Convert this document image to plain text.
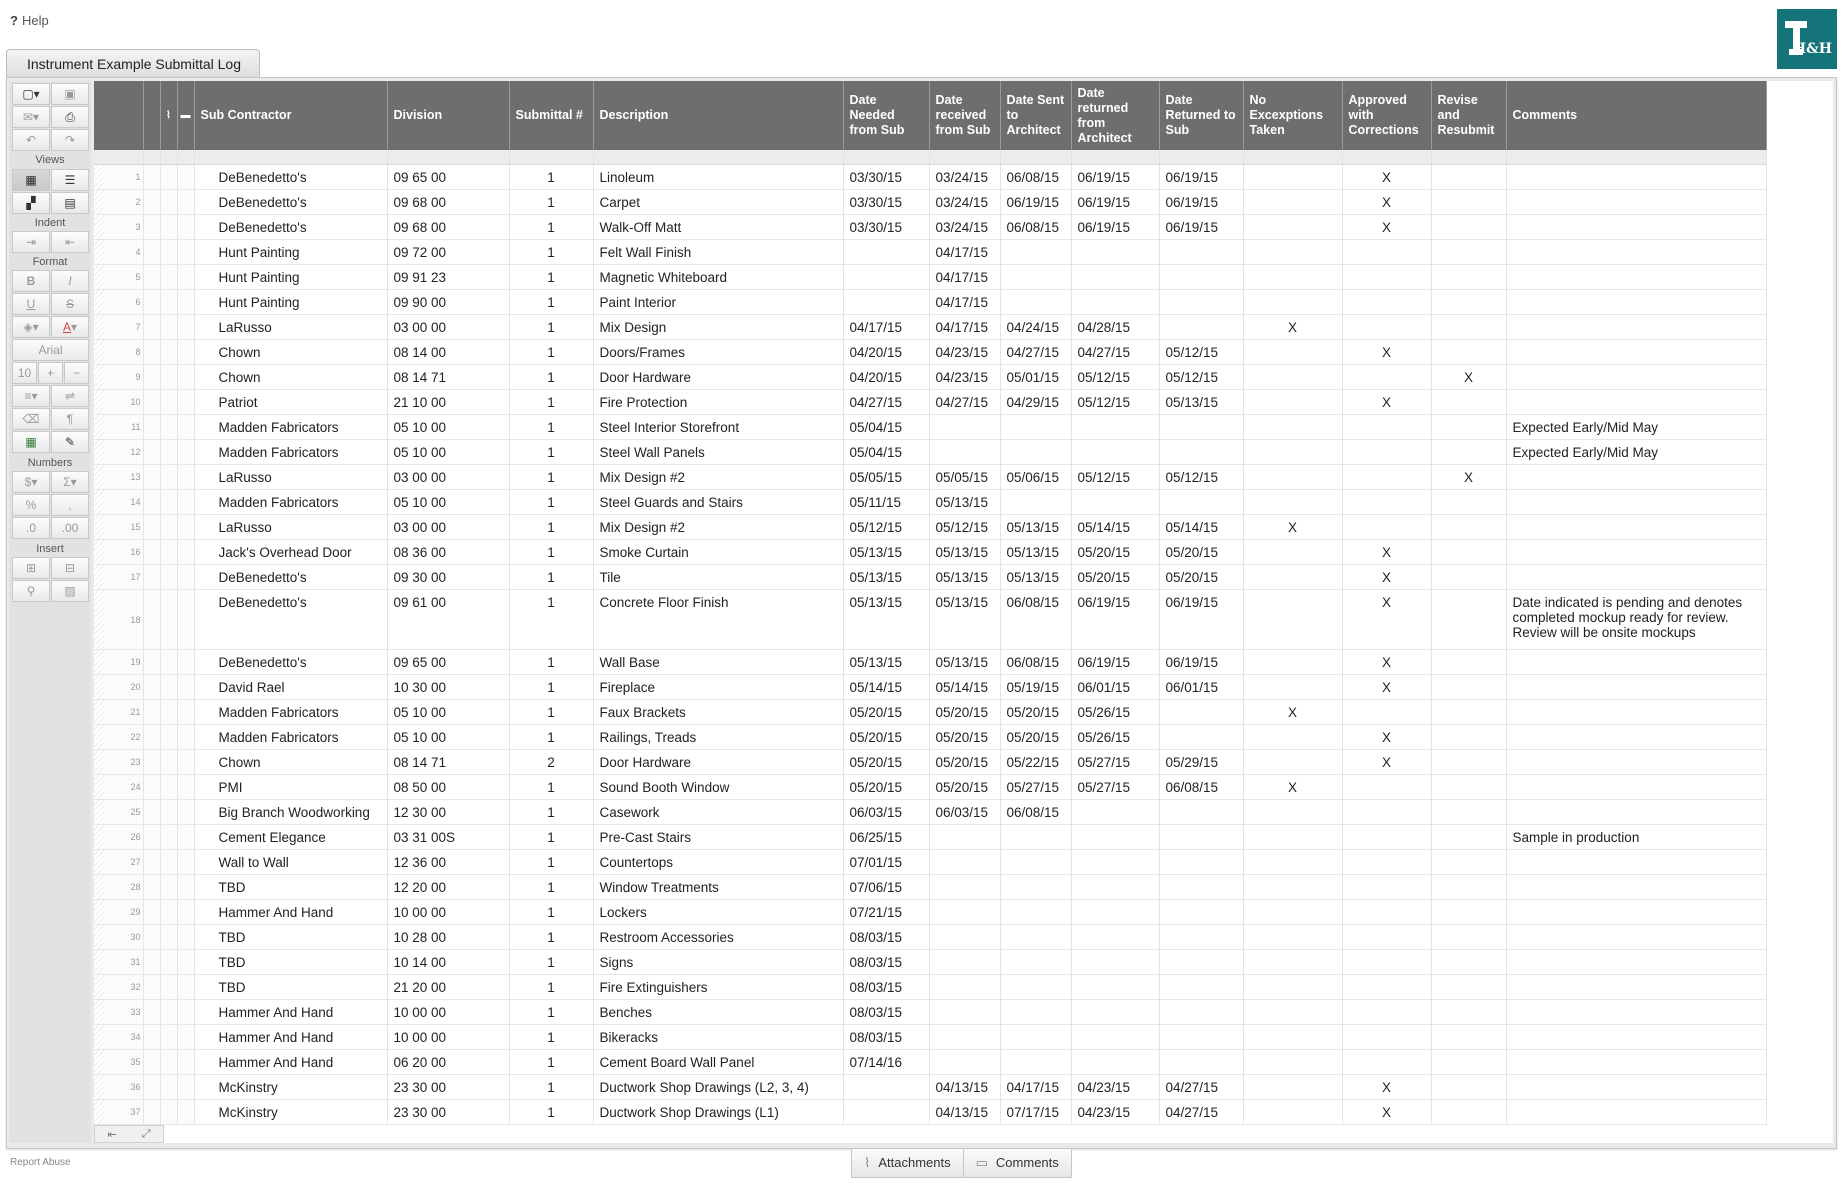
? Help
H&H
Instrument Example Submittal Log
▢▾	▣
✉▾	⎙
↶	↷
Views
▦	☰
▞	▤
Indent
⇥	⇤
Format
B	I
U	S
◈▾	A▾
Arial
10	+	−
≡▾	⇌
⌫	¶
▦	✎
Numbers
$▾	Σ▾
%	,
.0	.00
Insert
⊞	⊟
⚲	▨
		⌇	▬	Sub Contractor	Division	Submittal #	Description	Date Needed from Sub	Date received from Sub	Date Sent to Architect	Date returned from Architect	Date Returned to Sub	No Excexptions Taken	Approved with Corrections	Revise and Resubmit	Comments

1				DeBenedetto's	09 65 00	1	Linoleum	03/30/15	03/24/15	06/08/15	06/19/15	06/19/15		X		
2				DeBenedetto's	09 68 00	1	Carpet	03/30/15	03/24/15	06/19/15	06/19/15	06/19/15		X		
3				DeBenedetto's	09 68 00	1	Walk-Off Matt	03/30/15	03/24/15	06/08/15	06/19/15	06/19/15		X		
4				Hunt Painting	09 72 00	1	Felt Wall Finish		04/17/15							
5				Hunt Painting	09 91 23	1	Magnetic Whiteboard		04/17/15							
6				Hunt Painting	09 90 00	1	Paint Interior		04/17/15							
7				LaRusso	03 00 00	1	Mix Design	04/17/15	04/17/15	04/24/15	04/28/15		X			
8				Chown	08 14 00	1	Doors/Frames	04/20/15	04/23/15	04/27/15	04/27/15	05/12/15		X		
9				Chown	08 14 71	1	Door Hardware	04/20/15	04/23/15	05/01/15	05/12/15	05/12/15			X	
10				Patriot	21 10 00	1	Fire Protection	04/27/15	04/27/15	04/29/15	05/12/15	05/13/15		X		
11				Madden Fabricators	05 10 00	1	Steel Interior Storefront	05/04/15								Expected Early/Mid May
12				Madden Fabricators	05 10 00	1	Steel Wall Panels	05/04/15								Expected Early/Mid May
13				LaRusso	03 00 00	1	Mix Design #2	05/05/15	05/05/15	05/06/15	05/12/15	05/12/15			X	
14				Madden Fabricators	05 10 00	1	Steel Guards and Stairs	05/11/15	05/13/15							
15				LaRusso	03 00 00	1	Mix Design #2	05/12/15	05/12/15	05/13/15	05/14/15	05/14/15	X			
16				Jack's Overhead Door	08 36 00	1	Smoke Curtain	05/13/15	05/13/15	05/13/15	05/20/15	05/20/15		X		
17				DeBenedetto's	09 30 00	1	Tile	05/13/15	05/13/15	05/13/15	05/20/15	05/20/15		X		
18				DeBenedetto's	09 61 00	1	Concrete Floor Finish	05/13/15	05/13/15	06/08/15	06/19/15	06/19/15		X		Date indicated is pending and denotes completed mockup ready for review. Review will be onsite mockups
19				DeBenedetto's	09 65 00	1	Wall Base	05/13/15	05/13/15	06/08/15	06/19/15	06/19/15		X		
20				David Rael	10 30 00	1	Fireplace	05/14/15	05/14/15	05/19/15	06/01/15	06/01/15		X		
21				Madden Fabricators	05 10 00	1	Faux Brackets	05/20/15	05/20/15	05/20/15	05/26/15		X			
22				Madden Fabricators	05 10 00	1	Railings, Treads	05/20/15	05/20/15	05/20/15	05/26/15			X		
23				Chown	08 14 71	2	Door Hardware	05/20/15	05/20/15	05/22/15	05/27/15	05/29/15		X		
24				PMI	08 50 00	1	Sound Booth Window	05/20/15	05/20/15	05/27/15	05/27/15	06/08/15	X			
25				Big Branch Woodworking	12 30 00	1	Casework	06/03/15	06/03/15	06/08/15						
26				Cement Elegance	03 31 00S	1	Pre-Cast Stairs	06/25/15								Sample in production
27				Wall to Wall	12 36 00	1	Countertops	07/01/15								
28				TBD	12 20 00	1	Window Treatments	07/06/15								
29				Hammer And Hand	10 00 00	1	Lockers	07/21/15								
30				TBD	10 28 00	1	Restroom Accessories	08/03/15								
31				TBD	10 14 00	1	Signs	08/03/15								
32				TBD	21 20 00	1	Fire Extinguishers	08/03/15								
33				Hammer And Hand	10 00 00	1	Benches	08/03/15								
34				Hammer And Hand	10 00 00	1	Bikeracks	08/03/15								
35				Hammer And Hand	06 20 00	1	Cement Board Wall Panel	07/14/16								
36				McKinstry	23 30 00	1	Ductwork Shop Drawings (L2, 3, 4)		04/13/15	04/17/15	04/23/15	04/27/15		X		
37				McKinstry	23 30 00	1	Ductwork Shop Drawings (L1)		04/13/15	07/17/15	04/23/15	04/27/15		X		
⇤ ⤢
⌇ Attachments ▭ Comments
Report Abuse
